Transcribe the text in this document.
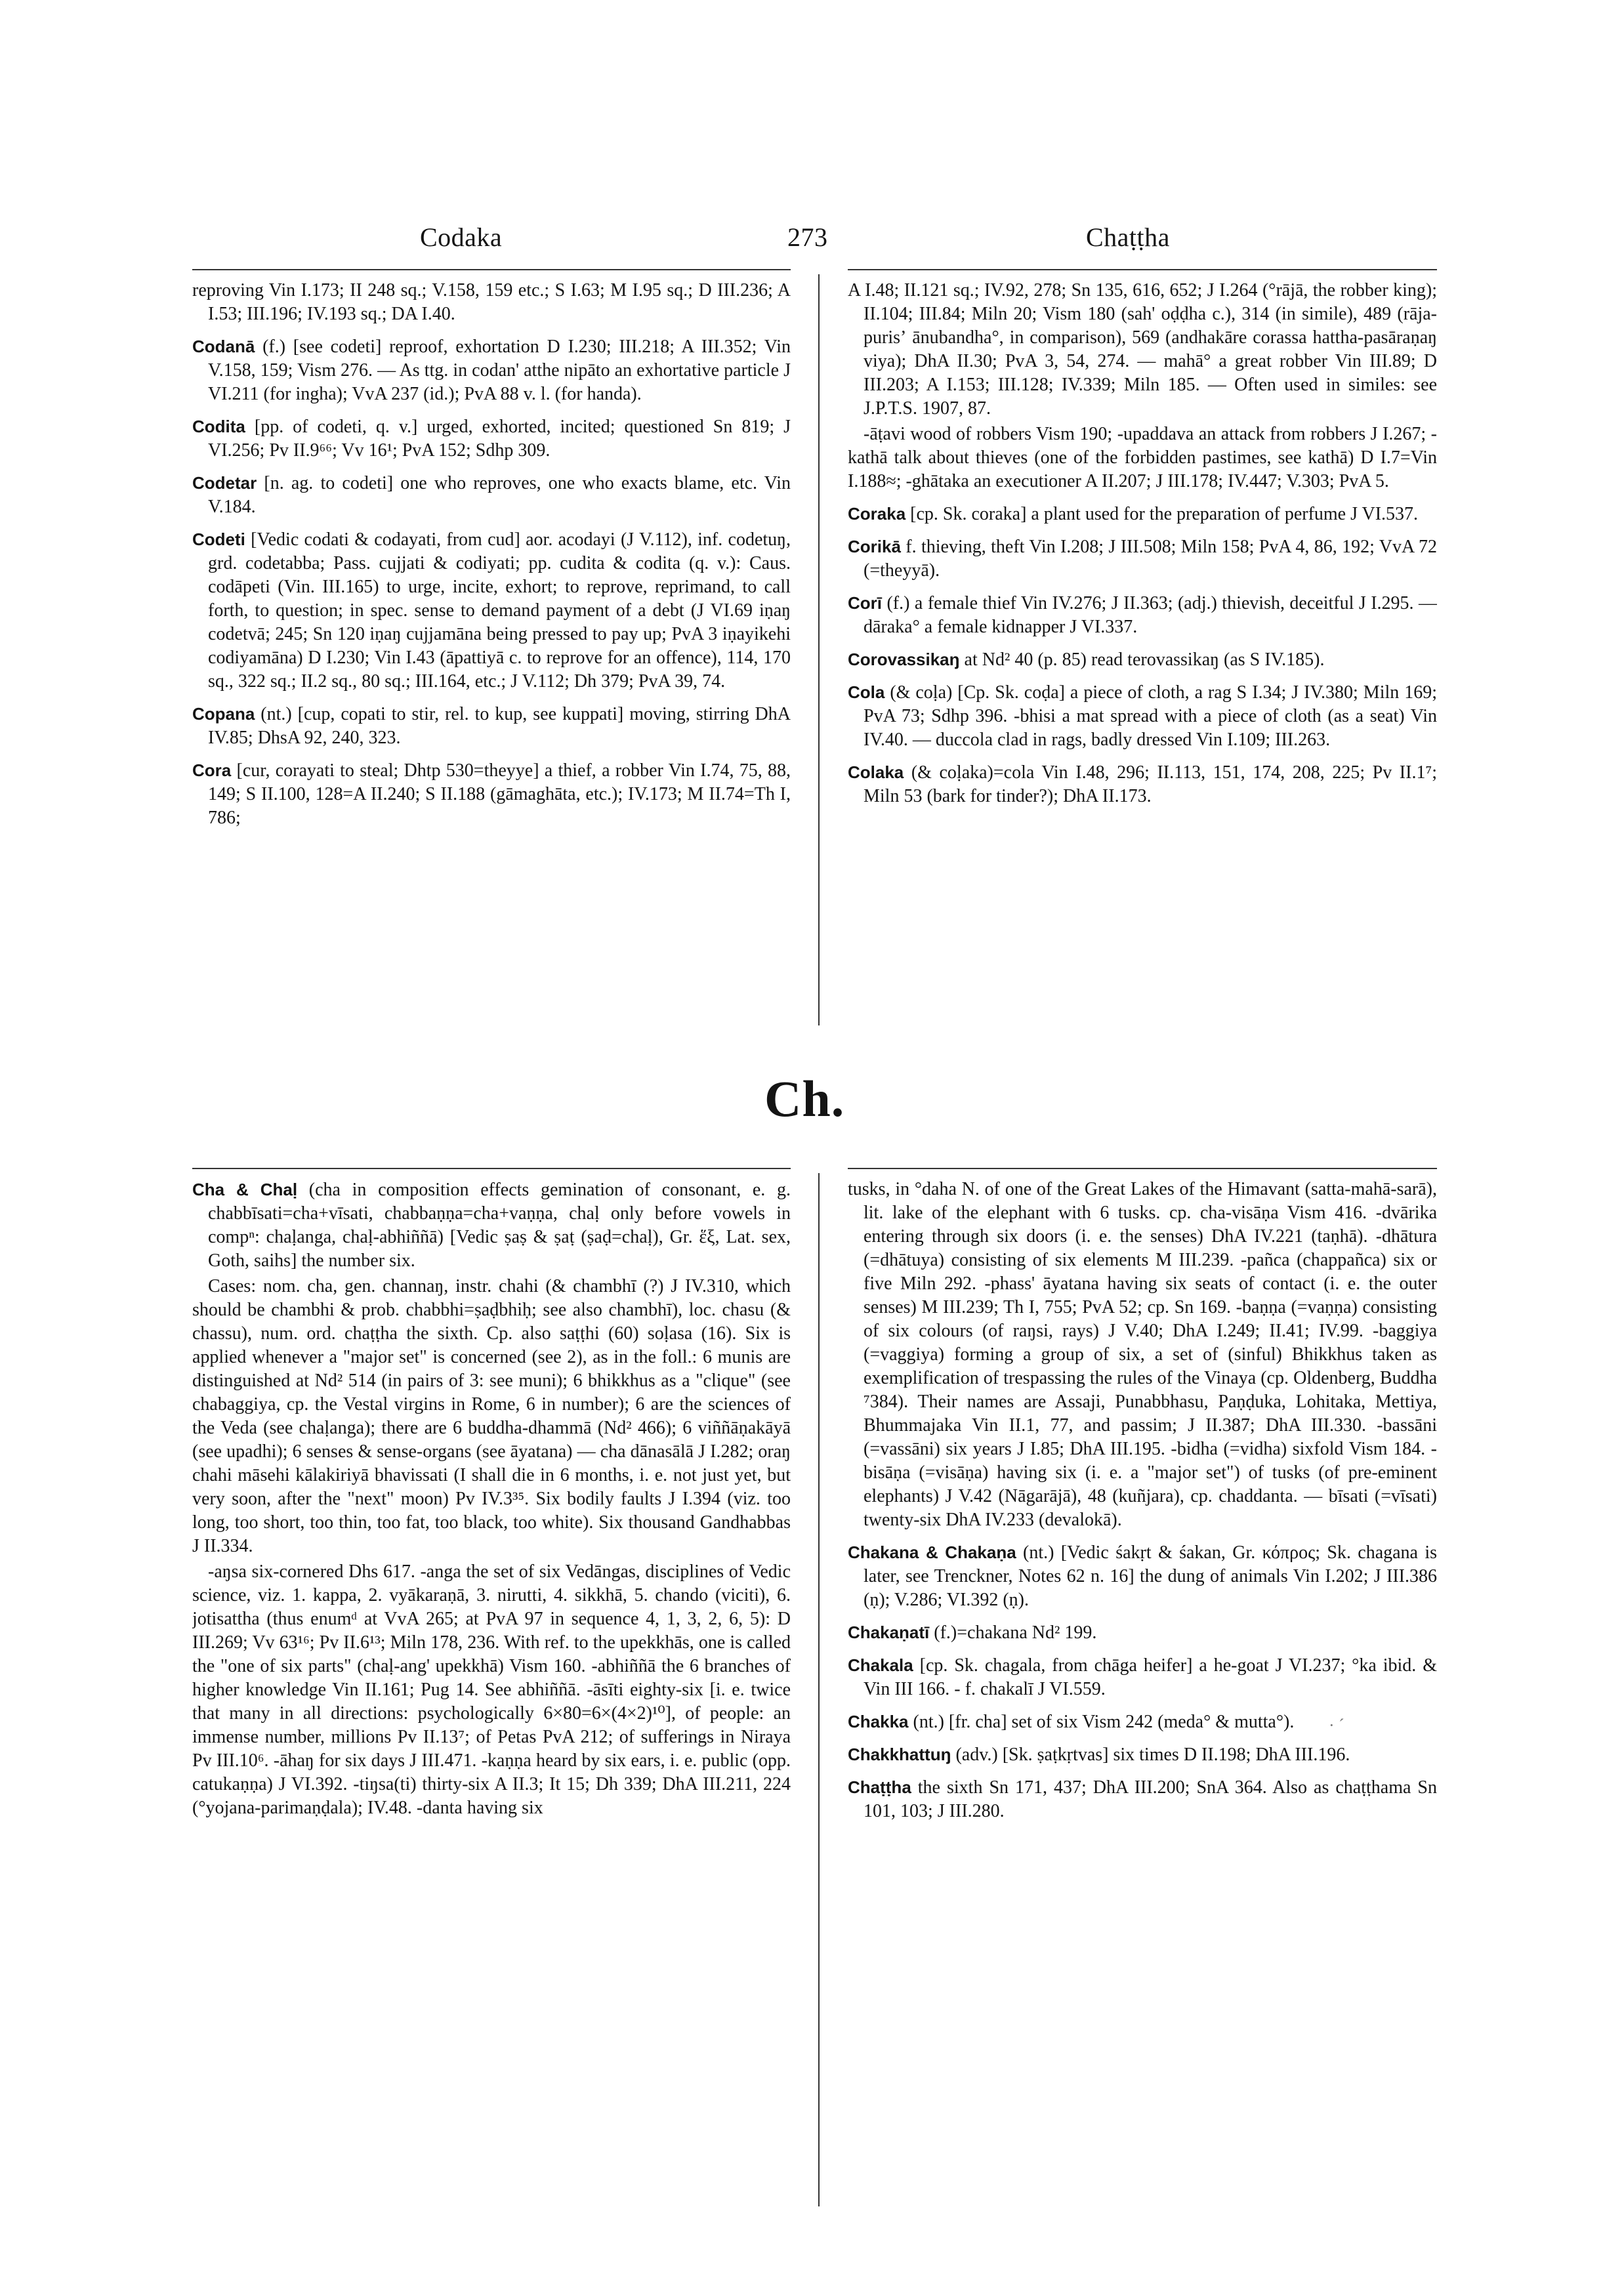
Codaka	273	Chaṭṭha

reproving Vin I.173; II 248 sq.; V.158, 159 etc.; S I.63; M I.95 sq.; D III.236; A I.53; III.196; IV.193 sq.; DA I.40.

Codanā (f.) [see codeti] reproof, exhortation D I.230; III.218; A III.352; Vin V.158, 159; Vism 276. — As ttg. in codan' atthe nipāto an exhortative particle J VI.211 (for ingha); VvA 237 (id.); PvA 88 v. l. (for handa).

Codita [pp. of codeti, q. v.] urged, exhorted, incited; questioned Sn 819; J VI.256; Pv II.9⁶⁶; Vv 16¹; PvA 152; Sdhp 309.

Codetar [n. ag. to codeti] one who reproves, one who exacts blame, etc. Vin V.184.

Codeti [Vedic codati & codayati, from cud] aor. acodayi (J V.112), inf. codetuŋ, grd. codetabba; Pass. cujjati & codiyati; pp. cudita & codita (q. v.): Caus. codāpeti (Vin. III.165) to urge, incite, exhort; to reprove, reprimand, to call forth, to question; in spec. sense to demand payment of a debt (J VI.69 iṇaŋ codetvā; 245; Sn 120 iṇaŋ cujjamāna being pressed to pay up; PvA 3 iṇayikehi codiyamāna) D I.230; Vin I.43 (āpattiyā c. to reprove for an offence), 114, 170 sq., 322 sq.; II.2 sq., 80 sq.; III.164, etc.; J V.112; Dh 379; PvA 39, 74.

Copana (nt.) [cup, copati to stir, rel. to kup, see kuppati] moving, stirring DhA IV.85; DhsA 92, 240, 323.

Cora [cur, corayati to steal; Dhtp 530=theyye] a thief, a robber Vin I.74, 75, 88, 149; S II.100, 128=A II.240; S II.188 (gāmaghāta, etc.); IV.173; M II.74=Th I, 786;

A I.48; II.121 sq.; IV.92, 278; Sn 135, 616, 652; J I.264 (°rājā, the robber king); II.104; III.84; Miln 20; Vism 180 (sah' oḍḍha c.), 314 (in simile), 489 (rāja-purisʼ ānubandha°, in comparison), 569 (andhakāre corassa hattha-pasāraṇaŋ viya); DhA II.30; PvA 3, 54, 274. — mahā° a great robber Vin III.89; D III.203; A I.153; III.128; IV.339; Miln 185. — Often used in similes: see J.P.T.S. 1907, 87.

-āṭavi wood of robbers Vism 190; -upaddava an attack from robbers J I.267; -kathā talk about thieves (one of the forbidden pastimes, see kathā) D I.7=Vin I.188≈; -ghātaka an executioner A II.207; J III.178; IV.447; V.303; PvA 5.

Coraka [cp. Sk. coraka] a plant used for the preparation of perfume J VI.537.

Corikā f. thieving, theft Vin I.208; J III.508; Miln 158; PvA 4, 86, 192; VvA 72 (=theyyā).

Corī (f.) a female thief Vin IV.276; J II.363; (adj.) thievish, deceitful J I.295. — dāraka° a female kidnapper J VI.337.

Corovassikaŋ at Nd² 40 (p. 85) read terovassikaŋ (as S IV.185).

Cola (& coḷa) [Cp. Sk. coḍa] a piece of cloth, a rag S I.34; J IV.380; Miln 169; PvA 73; Sdhp 396. -bhisi a mat spread with a piece of cloth (as a seat) Vin IV.40. — duccola clad in rags, badly dressed Vin I.109; III.263.

Colaka (& coḷaka)=cola Vin I.48, 296; II.113, 151, 174, 208, 225; Pv II.1⁷; Miln 53 (bark for tinder?); DhA II.173.

Ch.

Cha & Chaḷ (cha in composition effects gemination of consonant, e. g. chabbīsati=cha+vīsati, chabbaṇṇa=cha+vaṇṇa, chaḷ only before vowels in compⁿ: chaḷanga, chaḷ-abhiññā) [Vedic ṣaṣ & ṣaṭ (ṣaḍ=chaḷ), Gr. ἕξ, Lat. sex, Goth, saihs] the number six.

Cases: nom. cha, gen. channaŋ, instr. chahi (& chambhī (?) J IV.310, which should be chambhi & prob. chabbhi=ṣaḍbhiḥ; see also chambhī), loc. chasu (& chassu), num. ord. chaṭṭha the sixth. Cp. also saṭṭhi (60) soḷasa (16). Six is applied whenever a "major set" is concerned (see 2), as in the foll.: 6 munis are distinguished at Nd² 514 (in pairs of 3: see muni); 6 bhikkhus as a "clique" (see chabaggiya, cp. the Vestal virgins in Rome, 6 in number); 6 are the sciences of the Veda (see chaḷanga); there are 6 buddha-dhammā (Nd² 466); 6 viññāṇakāyā (see upadhi); 6 senses & sense-organs (see āyatana) — cha dānasālā J I.282; oraŋ chahi māsehi kālakiriyā bhavissati (I shall die in 6 months, i. e. not just yet, but very soon, after the "next" moon) Pv IV.3³⁵. Six bodily faults J I.394 (viz. too long, too short, too thin, too fat, too black, too white). Six thousand Gandhabbas J II.334.

-aŋsa six-cornered Dhs 617. -anga the set of six Vedāngas, disciplines of Vedic science, viz. 1. kappa, 2. vyākaraṇā, 3. nirutti, 4. sikkhā, 5. chando (viciti), 6. jotisattha (thus enumᵈ at VvA 265; at PvA 97 in sequence 4, 1, 3, 2, 6, 5): D III.269; Vv 63¹⁶; Pv II.6¹³; Miln 178, 236. With ref. to the upekkhās, one is called the "one of six parts" (chaḷ-ang' upekkhā) Vism 160. -abhiññā the 6 branches of higher knowledge Vin II.161; Pug 14. See abhiññā. -āsīti eighty-six [i. e. twice that many in all directions: psychologically 6×80=6×(4×2)¹⁰], of people: an immense number, millions Pv II.13⁷; of Petas PvA 212; of sufferings in Niraya Pv III.10⁶. -āhaŋ for six days J III.471. -kaṇṇa heard by six ears, i. e. public (opp. catukaṇṇa) J VI.392. -tiŋsa(ti) thirty-six A II.3; It 15; Dh 339; DhA III.211, 224 (°yojana-parimaṇḍala); IV.48. -danta having six

tusks, in °daha N. of one of the Great Lakes of the Himavant (satta-mahā-sarā), lit. lake of the elephant with 6 tusks. cp. cha-visāṇa Vism 416. -dvārika entering through six doors (i. e. the senses) DhA IV.221 (taṇhā). -dhātura (=dhātuya) consisting of six elements M III.239. -pañca (chappañca) six or five Miln 292. -phass' āyatana having six seats of contact (i. e. the outer senses) M III.239; Th I, 755; PvA 52; cp. Sn 169. -baṇṇa (=vaṇṇa) consisting of six colours (of raŋsi, rays) J V.40; DhA I.249; II.41; IV.99. -baggiya (=vaggiya) forming a group of six, a set of (sinful) Bhikkhus taken as exemplification of trespassing the rules of the Vinaya (cp. Oldenberg, Buddha ⁷384). Their names are Assaji, Punabbhasu, Paṇḍuka, Lohitaka, Mettiya, Bhummajaka Vin II.1, 77, and passim; J II.387; DhA III.330. -bassāni (=vassāni) six years J I.85; DhA III.195. -bidha (=vidha) sixfold Vism 184. -bisāṇa (=visāṇa) having six (i. e. a "major set") of tusks (of pre-eminent elephants) J V.42 (Nāgarājā), 48 (kuñjara), cp. chaddanta. — bīsati (=vīsati) twenty-six DhA IV.233 (devalokā).

Chakana & Chakaṇa (nt.) [Vedic śakṛt & śakan, Gr. κόπρος; Sk. chagana is later, see Trenckner, Notes 62 n. 16] the dung of animals Vin I.202; J III.386 (ṇ); V.286; VI.392 (ṇ).

Chakaṇatī (f.)=chakana Nd² 199.

Chakala [cp. Sk. chagala, from chāga heifer] a he-goat J VI.237; °ka ibid. & Vin III 166. - f. chakalī J VI.559.

Chakka (nt.) [fr. cha] set of six Vism 242 (meda° & mutta°).

Chakkhattuŋ (adv.) [Sk. ṣaṭkṛtvas] six times D II.198; DhA III.196.

Chaṭṭha the sixth Sn 171, 437; DhA III.200; SnA 364. Also as chaṭṭhama Sn 101, 103; J III.280.

· ´
